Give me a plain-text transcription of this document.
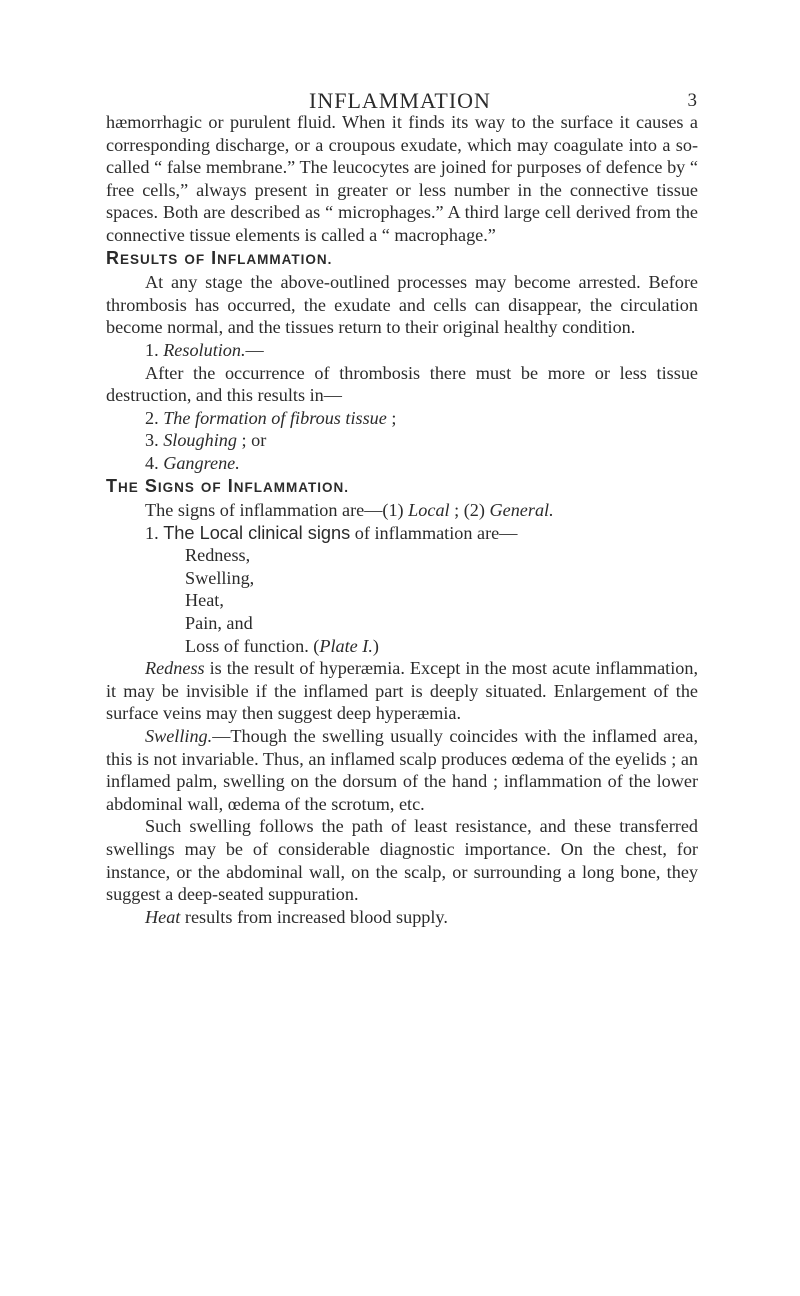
INFLAMMATION	3

hæmorrhagic or purulent fluid. When it finds its way to the surface it causes a corresponding discharge, or a croupous exudate, which may coagulate into a so-called “ false membrane.” The leucocytes are joined for purposes of defence by “ free cells,” always present in greater or less number in the connective tissue spaces. Both are described as “ microphages.” A third large cell derived from the connective tissue elements is called a “ macrophage.”

RESULTS OF INFLAMMATION.

At any stage the above-outlined processes may become arrested. Before thrombosis has occurred, the exudate and cells can disappear, the circulation become normal, and the tissues return to their original healthy condition.

1. Resolution.—

After the occurrence of thrombosis there must be more or less tissue destruction, and this results in—

2. The formation of fibrous tissue ;

3. Sloughing ; or

4. Gangrene.

THE SIGNS OF INFLAMMATION.

The signs of inflammation are—(1) Local ; (2) General.

1. The Local clinical signs of inflammation are—

Redness,

Swelling,

Heat,

Pain, and

Loss of function. (Plate I.)

Redness is the result of hyperæmia. Except in the most acute inflammation, it may be invisible if the inflamed part is deeply situated. Enlargement of the surface veins may then suggest deep hyperæmia.

Swelling.—Though the swelling usually coincides with the inflamed area, this is not invariable. Thus, an inflamed scalp produces œdema of the eyelids ; an inflamed palm, swelling on the dorsum of the hand ; inflammation of the lower abdominal wall, œdema of the scrotum, etc.

Such swelling follows the path of least resistance, and these transferred swellings may be of considerable diagnostic importance. On the chest, for instance, or the abdominal wall, on the scalp, or surrounding a long bone, they suggest a deep-seated suppuration.

Heat results from increased blood supply.
